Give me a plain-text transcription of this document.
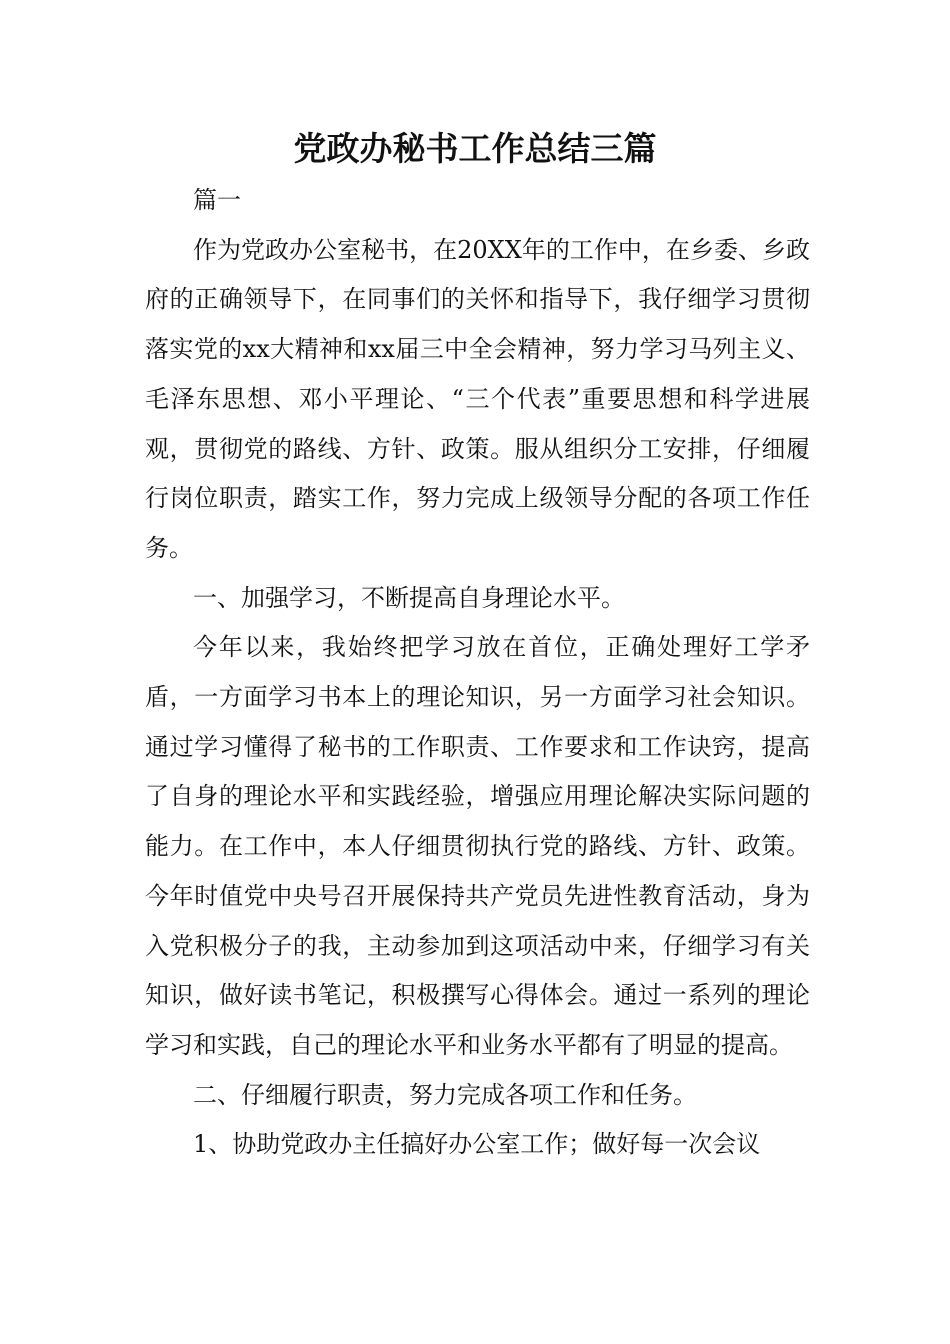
党政办秘书工作总结三篇

篇一

作为党政办公室秘书，在20XX年的工作中，在乡委、乡政府的正确领导下，在同事们的关怀和指导下，我仔细学习贯彻落实党的xx大精神和xx届三中全会精神，努力学习马列主义、毛泽东思想、邓小平理论、“三个代表”重要思想和科学进展观，贯彻党的路线、方针、政策。服从组织分工安排，仔细履行岗位职责，踏实工作，努力完成上级领导分配的各项工作任务。

一、加强学习，不断提高自身理论水平。

今年以来，我始终把学习放在首位，正确处理好工学矛盾，一方面学习书本上的理论知识，另一方面学习社会知识。通过学习懂得了秘书的工作职责、工作要求和工作诀窍，提高了自身的理论水平和实践经验，增强应用理论解决实际问题的能力。在工作中，本人仔细贯彻执行党的路线、方针、政策。今年时值党中央号召开展保持共产党员先进性教育活动，身为入党积极分子的我，主动参加到这项活动中来，仔细学习有关知识，做好读书笔记，积极撰写心得体会。通过一系列的理论学习和实践，自己的理论水平和业务水平都有了明显的提高。

二、仔细履行职责，努力完成各项工作和任务。

1、协助党政办主任搞好办公室工作；做好每一次会议
